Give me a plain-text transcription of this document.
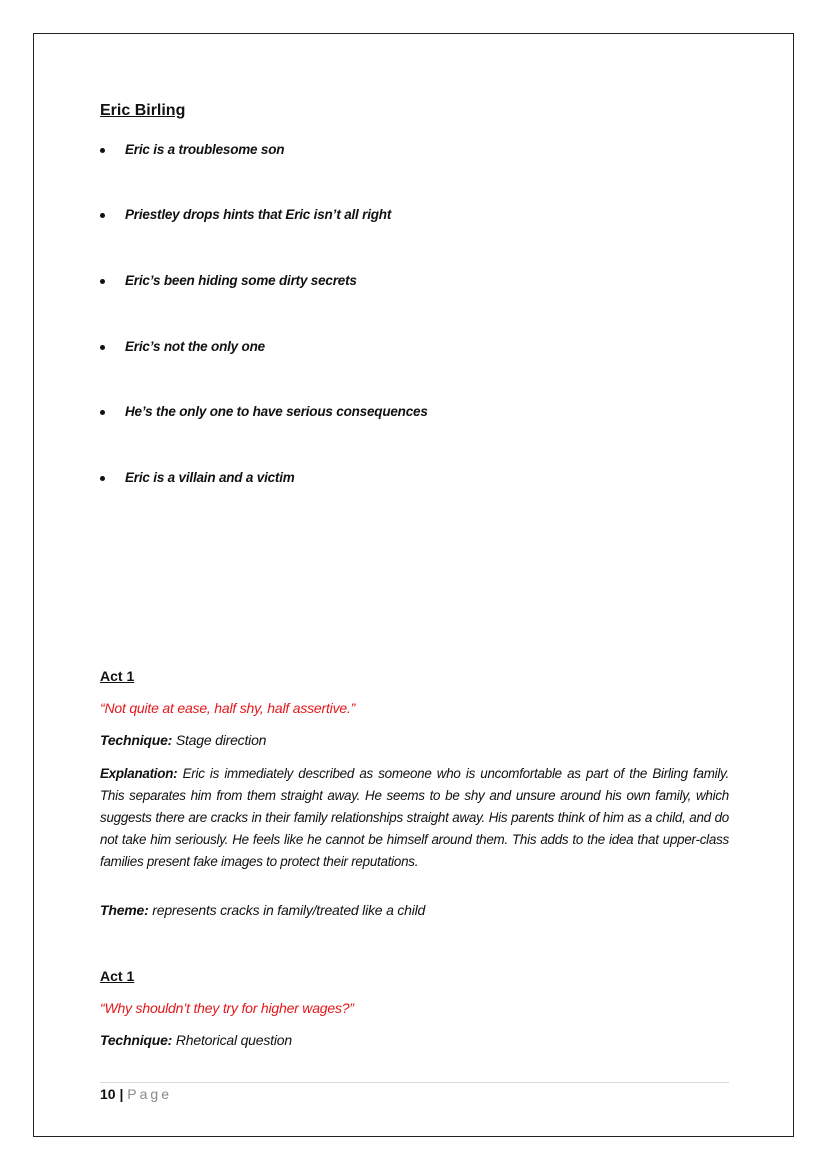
Eric Birling
Eric is a troublesome son
Priestley drops hints that Eric isn’t all right
Eric’s been hiding some dirty secrets
Eric’s not the only one
He’s the only one to have serious consequences
Eric is a villain and a victim
Act 1
“Not quite at ease, half shy, half assertive.”
Technique: Stage direction
Explanation: Eric is immediately described as someone who is uncomfortable as part of the Birling family. This separates him from them straight away. He seems to be shy and unsure around his own family, which suggests there are cracks in their family relationships straight away. His parents think of him as a child, and do not take him seriously. He feels like he cannot be himself around them. This adds to the idea that upper-class families present fake images to protect their reputations.
Theme: represents cracks in family/treated like a child
Act 1
“Why shouldn’t they try for higher wages?”
Technique: Rhetorical question
10 | Page
